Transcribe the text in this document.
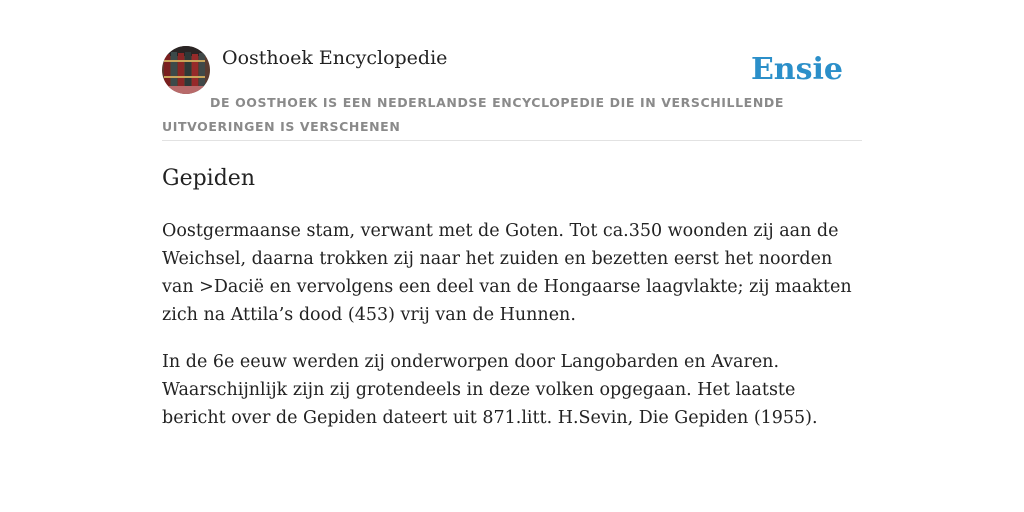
Oosthoek Encyclopedie	Ensie
DE OOSTHOEK IS EEN NEDERLANDSE ENCYCLOPEDIE DIE IN VERSCHILLENDE UITVOERINGEN IS VERSCHENEN
Gepiden

Oostgermaanse stam, verwant met de Goten. Tot ca.350 woonden zij aan de Weichsel, daarna trokken zij naar het zuiden en bezetten eerst het noorden van >Dacië en vervolgens een deel van de Hongaarse laagvlakte; zij maakten zich na Attila’s dood (453) vrij van de Hunnen.

In de 6e eeuw werden zij onderworpen door Langobarden en Avaren. Waarschijnlijk zijn zij grotendeels in deze volken opgegaan. Het laatste bericht over de Gepiden dateert uit 871.litt. H.Sevin, Die Gepiden (1955).
